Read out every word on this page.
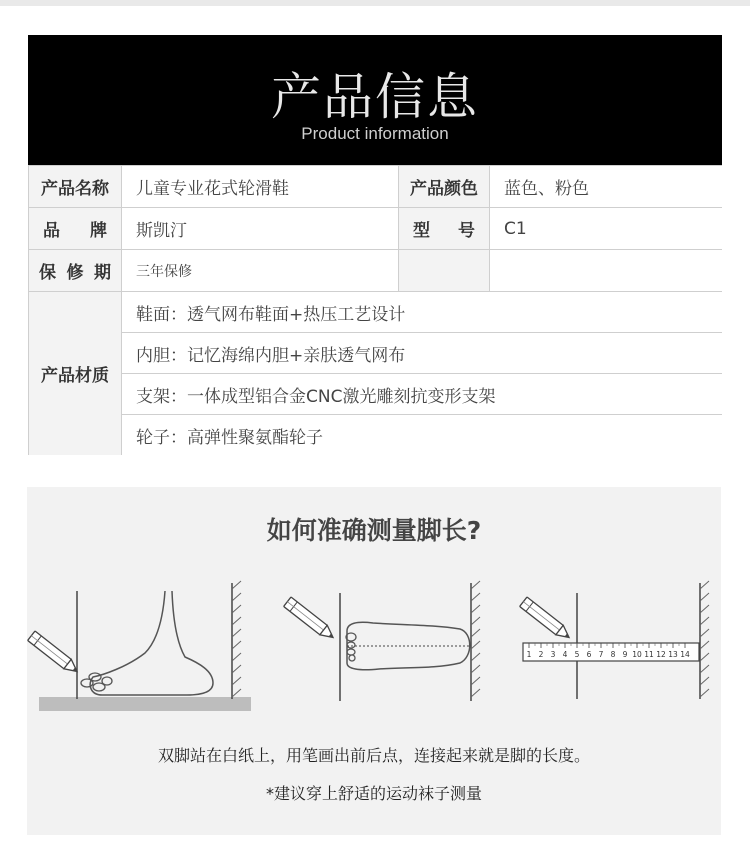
产品信息
Product information
产品名称	儿童专业花式轮滑鞋	产品颜色	蓝色、粉色
品 牌	斯凯汀	型 号	C1
保 修 期	三年保修
产品材质
鞋面：透气网布鞋面+热压工艺设计
内胆：记忆海绵内胆+亲肤透气网布
支架：一体成型铝合金CNC激光雕刻抗变形支架
轮子：高弹性聚氨酯轮子
如何准确测量脚长?
1 2 3 4 5 6 7 8 9 10 11 12 13 14
双脚站在白纸上，用笔画出前后点，连接起来就是脚的长度。
*建议穿上舒适的运动袜子测量
